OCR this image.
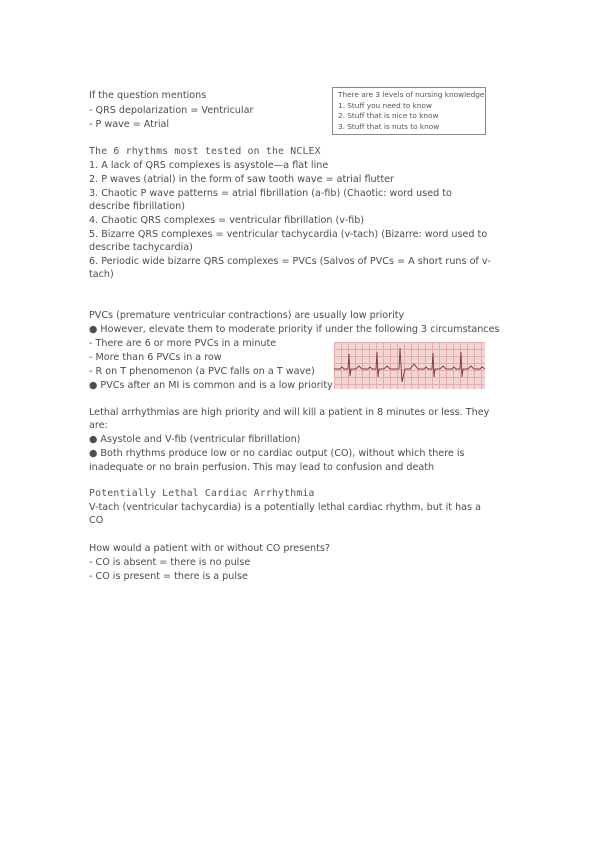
If the question mentions
- QRS depolarization = Ventricular
- P wave = Atrial
There are 3 levels of nursing knowledge
1. Stuff you need to know
2. Stuff that is nice to know
3. Stuff that is nuts to know
The 6 rhythms most tested on the NCLEX
1. A lack of QRS complexes is asystole—a flat line
2. P waves (atrial) in the form of saw tooth wave = atrial flutter
3. Chaotic P wave patterns = atrial fibrillation (a-fib) (Chaotic: word used to
describe fibrillation)
4. Chaotic QRS complexes = ventricular fibrillation (v-fib)
5. Bizarre QRS complexes = ventricular tachycardia (v-tach) (Bizarre: word used to
describe tachycardia)
6. Periodic wide bizarre QRS complexes = PVCs (Salvos of PVCs = A short runs of v-
tach)
PVCs (premature ventricular contractions) are usually low priority
● However, elevate them to moderate priority if under the following 3 circumstances
- There are 6 or more PVCs in a minute
- More than 6 PVCs in a row
- R on T phenomenon (a PVC falls on a T wave)
● PVCs after an MI is common and is a low priority
Lethal arrhythmias are high priority and will kill a patient in 8 minutes or less. They
are:
● Asystole and V-fib (ventricular fibrillation)
● Both rhythms produce low or no cardiac output (CO), without which there is
inadequate or no brain perfusion. This may lead to confusion and death
Potentially Lethal Cardiac Arrhythmia
V-tach (ventricular tachycardia) is a potentially lethal cardiac rhythm, but it has a
CO
How would a patient with or without CO presents?
- CO is absent = there is no pulse
- CO is present = there is a pulse
